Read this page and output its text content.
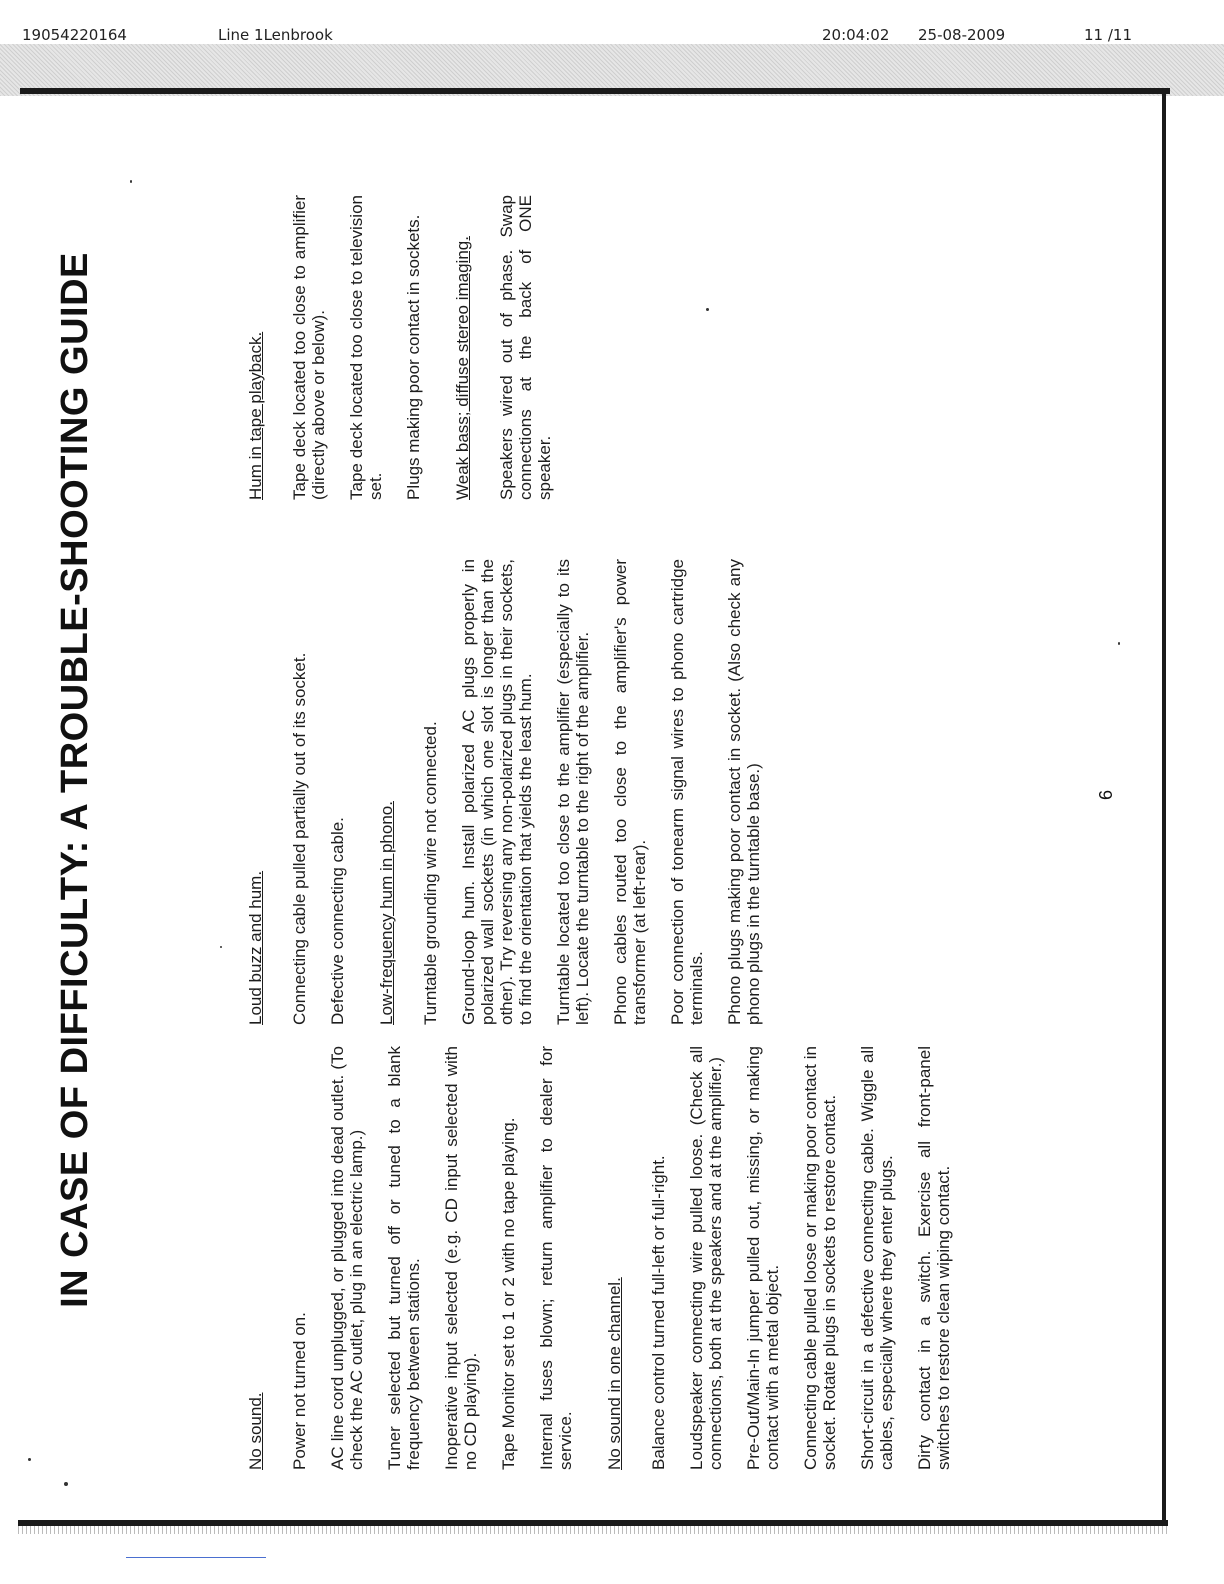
19054220164	Line 1Lenbrook	20:04:02 25-08-2009	11 /11
IN CASE OF DIFFICULTY: A TROUBLE-SHOOTING GUIDE
No sound. Power not turned on. AC line cord unplugged, or plugged into dead outlet. (To check the AC outlet, plug in an electric lamp.) Tuner selected but turned off or tuned to a blank frequency between stations. Inoperative input selected (e.g. CD input selected with no CD playing). Tape Monitor set to 1 or 2 with no tape playing. Internal fuses blown; return amplifier to dealer for service. No sound in one channel. Balance control turned full-left or full-right. Loudspeaker connecting wire pulled loose. (Check all connections, both at the speakers and at the amplifier.) Pre-Out/Main-In jumper pulled out, missing, or making contact with a metal object. Connecting cable pulled loose or making poor contact in socket. Rotate plugs in sockets to restore contact. Short-circuit in a defective connecting cable. Wiggle all cables, especially where they enter plugs. Dirty contact in a switch. Exercise all front-panel switches to restore clean wiping contact.
Loud buzz and hum. Connecting cable pulled partially out of its socket. Defective connecting cable. Low-frequency hum in phono. Turntable grounding wire not connected. Ground-loop hum. Install polarized AC plugs properly in polarized wall sockets (in which one slot is longer than the other). Try reversing any non-polarized plugs in their sockets, to find the orientation that yields the least hum. Turntable located too close to the amplifier (especially to its left). Locate the turntable to the right of the amplifier. Phono cables routed too close to the amplifier's power transformer (at left-rear). Poor connection of tonearm signal wires to phono cartridge terminals. Phono plugs making poor contact in socket. (Also check any phono plugs in the turntable base.)
Hum in tape playback. Tape deck located too close to amplifier (directly above or below). Tape deck located too close to television set. Plugs making poor contact in sockets. Weak bass; diffuse stereo imaging. Speakers wired out of phase. Swap connections at the back of ONE speaker.
6
